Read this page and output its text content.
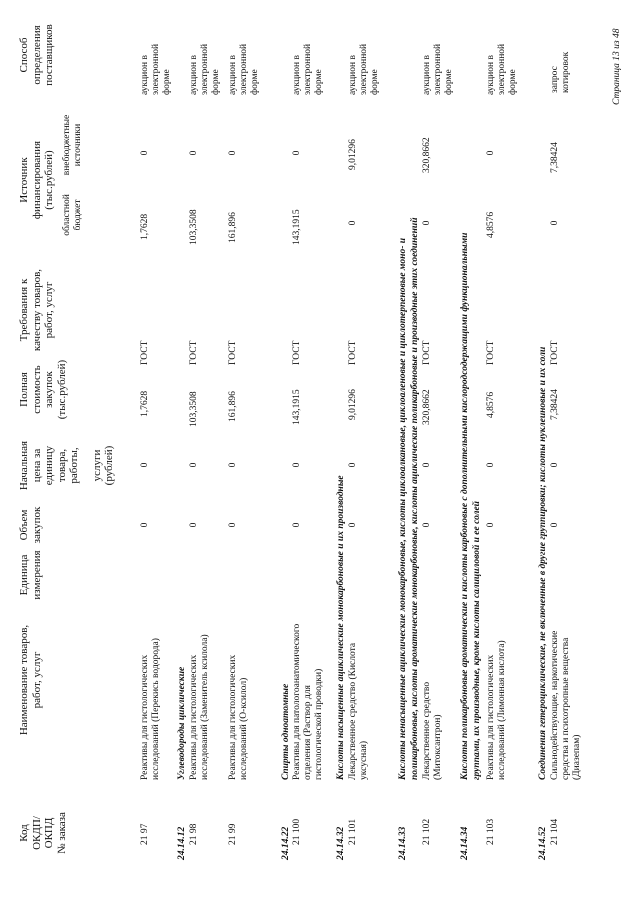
Код ОКДП/ ОКПД № заказа
Наименование товаров, работ, услуг
Единица измерения
Объем закупок
Начальная цена за единицу товара, работы, услуги (рублей)
Полная стоимость закупок (тыс.рублей)
Требования к качеству товаров, работ, услуг
Источник финансирования (тыс.рублей)
областной бюджет
внебюджетные источники
Способ определения поставщиков
21 97
Реактивы для гистологических исследований (Перекись водорода)
0
0
1,7628
ГОСТ
1,7628
0
аукцион в электронной форме
24.14.12
Углеводороды циклические
21 98
Реактивы для гистологических исследований (Заменитель ксилола)
0
0
103,3508
ГОСТ
103,3508
0
аукцион в электронной форме
21 99
Реактивы для гистологических исследований (О-ксилол)
0
0
161,896
ГОСТ
161,896
0
аукцион в электронной форме
24.14.22
Спирты одноатомные
21 100
Реактивы для патологоанатомического отделения (Раствор для гистологической проводки)
0
0
143,1915
ГОСТ
143,1915
0
аукцион в электронной форме
24.14.32
Кислоты насыщенные ациклические монокарбоновые и их производные
21 101
Лекарственное средство (Кислота уксусная)
0
0
9,01296
ГОСТ
0
9,01296
аукцион в электронной форме
24.14.33
Кислоты ненасыщенные ациклические монокарбоновые, кислоты циклоалкановые, циклоаленовые и циклотерпеновые моно- и поликарбоновые, кислоты ароматические монокарбоновые, кислоты ациклические поликарбоновые и производные этих соединений
21 102
Лекарственное средство (Митоксантрон)
0
0
320,8662
ГОСТ
0
320,8662
аукцион в электронной форме
24.14.34
Кислоты поликарбоновые ароматические и кислоты карбоновые с дополнительными кислородсодержащими функциональными группами, их производные, кроме кислоты салициловой и ее солей
21 103
Реактивы для гистологических исследований (Лимонная кислота)
0
0
4,8576
ГОСТ
4,8576
0
аукцион в электронной форме
24.14.52
Соединения гетероциклические, не включенные в другие группировки; кислоты нуклеиновые и их соли
21 104
Сильнодействующие, наркотические средства и психотропные вещества (Диазепам)
0
0
7,38424
ГОСТ
0
7,38424
запрос котировок	Страница 13 из 48
